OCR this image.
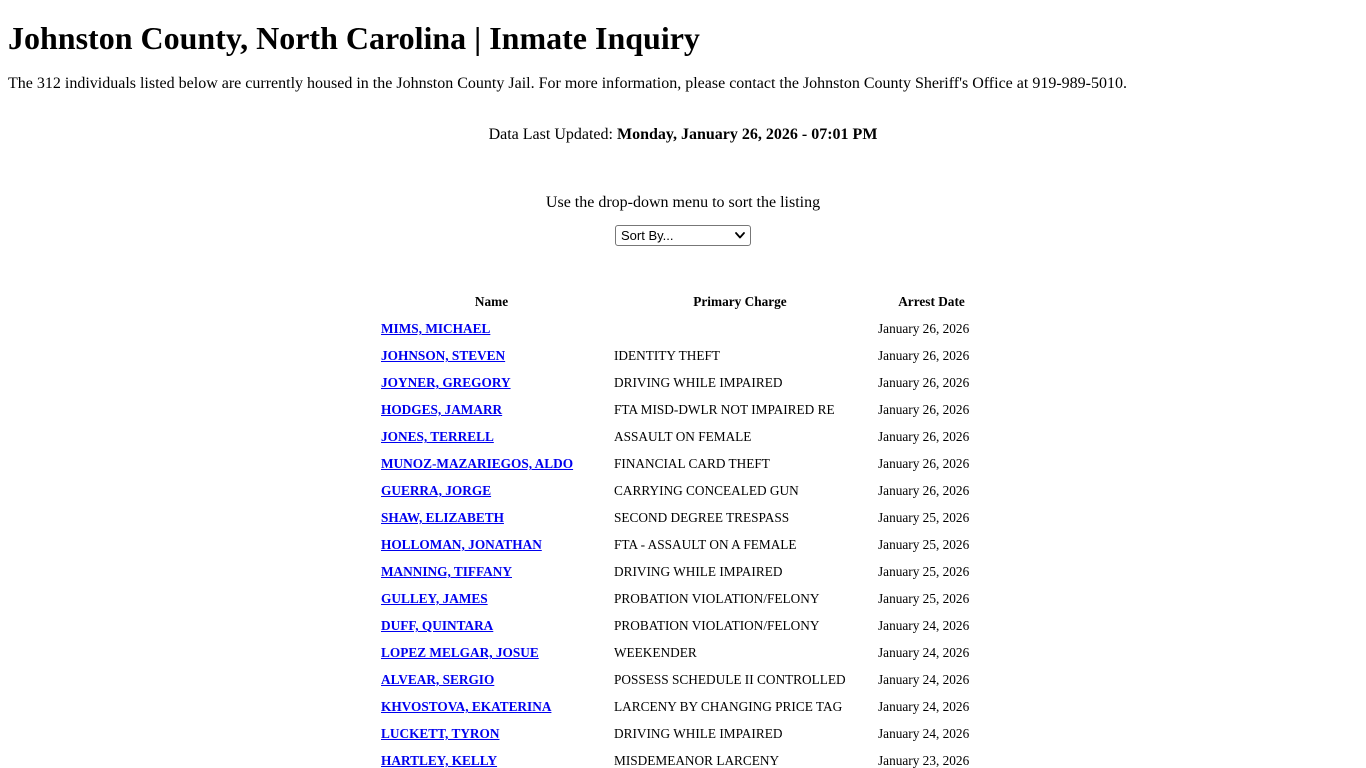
Johnston County, North Carolina | Inmate Inquiry

The 312 individuals listed below are currently housed in the Johnston County Jail. For more information, please contact the Johnston County Sheriff's Office at 919-989-5010.

Data Last Updated: Monday, January 26, 2026 - 07:01 PM

Use the drop-down menu to sort the listing

Sort By...
Name	Primary Charge	Arrest Date
MIMS, MICHAEL		January 26, 2026
JOHNSON, STEVEN	IDENTITY THEFT	January 26, 2026
JOYNER, GREGORY	DRIVING WHILE IMPAIRED	January 26, 2026
HODGES, JAMARR	FTA MISD-DWLR NOT IMPAIRED RE	January 26, 2026
JONES, TERRELL	ASSAULT ON FEMALE	January 26, 2026
MUNOZ-MAZARIEGOS, ALDO	FINANCIAL CARD THEFT	January 26, 2026
GUERRA, JORGE	CARRYING CONCEALED GUN	January 26, 2026
SHAW, ELIZABETH	SECOND DEGREE TRESPASS	January 25, 2026
HOLLOMAN, JONATHAN	FTA - ASSAULT ON A FEMALE	January 25, 2026
MANNING, TIFFANY	DRIVING WHILE IMPAIRED	January 25, 2026
GULLEY, JAMES	PROBATION VIOLATION/FELONY	January 25, 2026
DUFF, QUINTARA	PROBATION VIOLATION/FELONY	January 24, 2026
LOPEZ MELGAR, JOSUE	WEEKENDER	January 24, 2026
ALVEAR, SERGIO	POSSESS SCHEDULE II CONTROLLED	January 24, 2026
KHVOSTOVA, EKATERINA	LARCENY BY CHANGING PRICE TAG	January 24, 2026
LUCKETT, TYRON	DRIVING WHILE IMPAIRED	January 24, 2026
HARTLEY, KELLY	MISDEMEANOR LARCENY	January 23, 2026
